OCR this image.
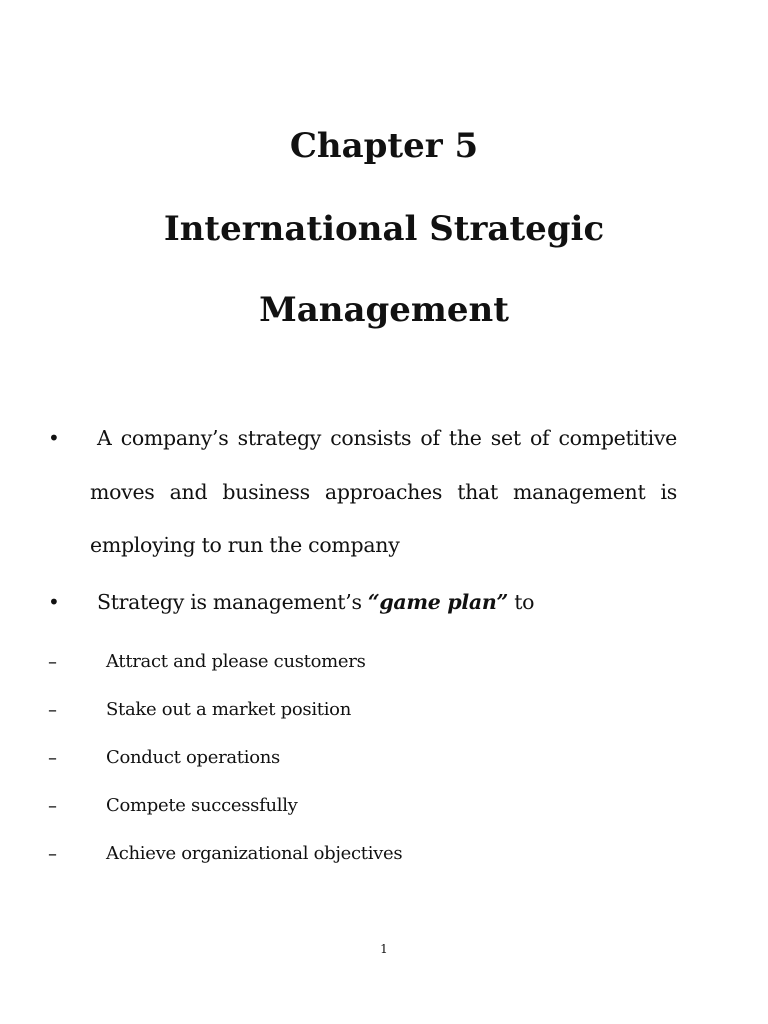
Chapter 5
International Strategic
Management
• A company’s strategy consists of the set of competitive
moves and business approaches that management is
employing to run the company
• Strategy is management’s “game plan” to
–	Attract and please customers
–	Stake out a market position
–	Conduct operations
–	Compete successfully
–	Achieve organizational objectives
1
